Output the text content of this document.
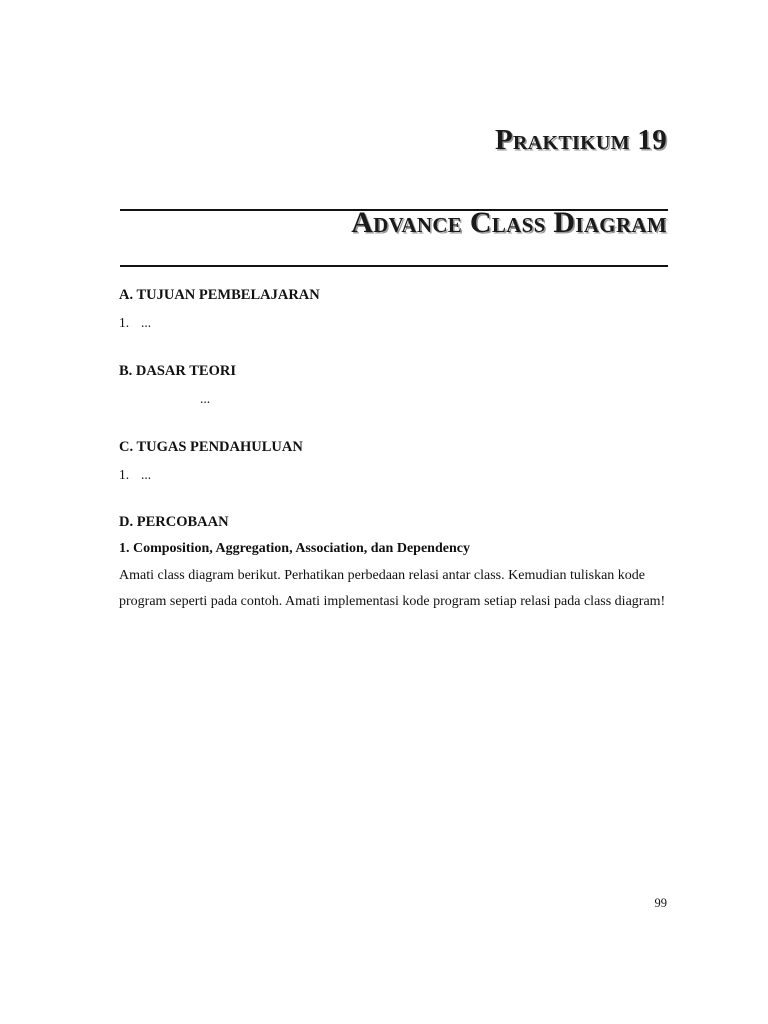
Praktikum 19
Advance Class Diagram
A. TUJUAN PEMBELAJARAN
1. ...
B. DASAR TEORI
...
C. TUGAS PENDAHULUAN
1. ...
D. PERCOBAAN
1. Composition, Aggregation, Association, dan Dependency

Amati class diagram berikut. Perhatikan perbedaan relasi antar class. Kemudian tuliskan kode program seperti pada contoh. Amati implementasi kode program setiap relasi pada class diagram!

99
